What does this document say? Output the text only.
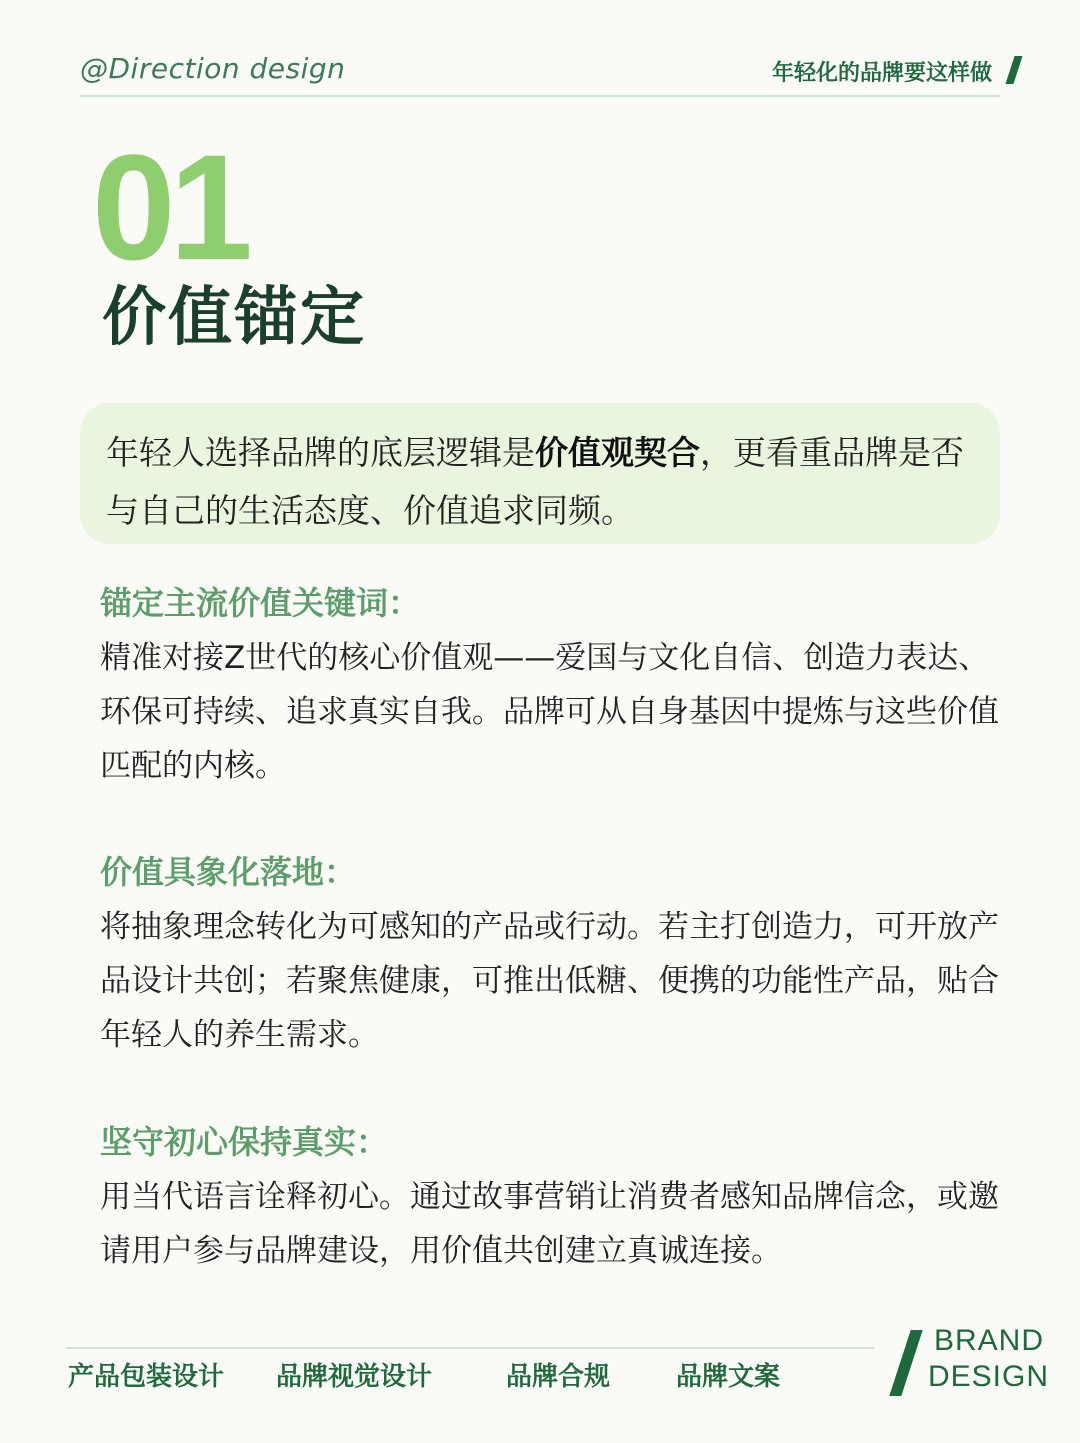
@Direction design	年轻化的品牌要这样做
01
价值锚定
年轻人选择品牌的底层逻辑是价值观契合，更看重品牌是否与自己的生活态度、价值追求同频。
锚定主流价值关键词：
精准对接Z世代的核心价值观——爱国与文化自信、创造力表达、环保可持续、追求真实自我。品牌可从自身基因中提炼与这些价值匹配的内核。
价值具象化落地：
将抽象理念转化为可感知的产品或行动。若主打创造力，可开放产品设计共创；若聚焦健康，可推出低糖、便携的功能性产品，贴合年轻人的养生需求。
坚守初心保持真实：
用当代语言诠释初心。通过故事营销让消费者感知品牌信念，或邀请用户参与品牌建设，用价值共创建立真诚连接。
产品包装设计 品牌视觉设计	品牌合规	品牌文案
BRAND
DESIGN
